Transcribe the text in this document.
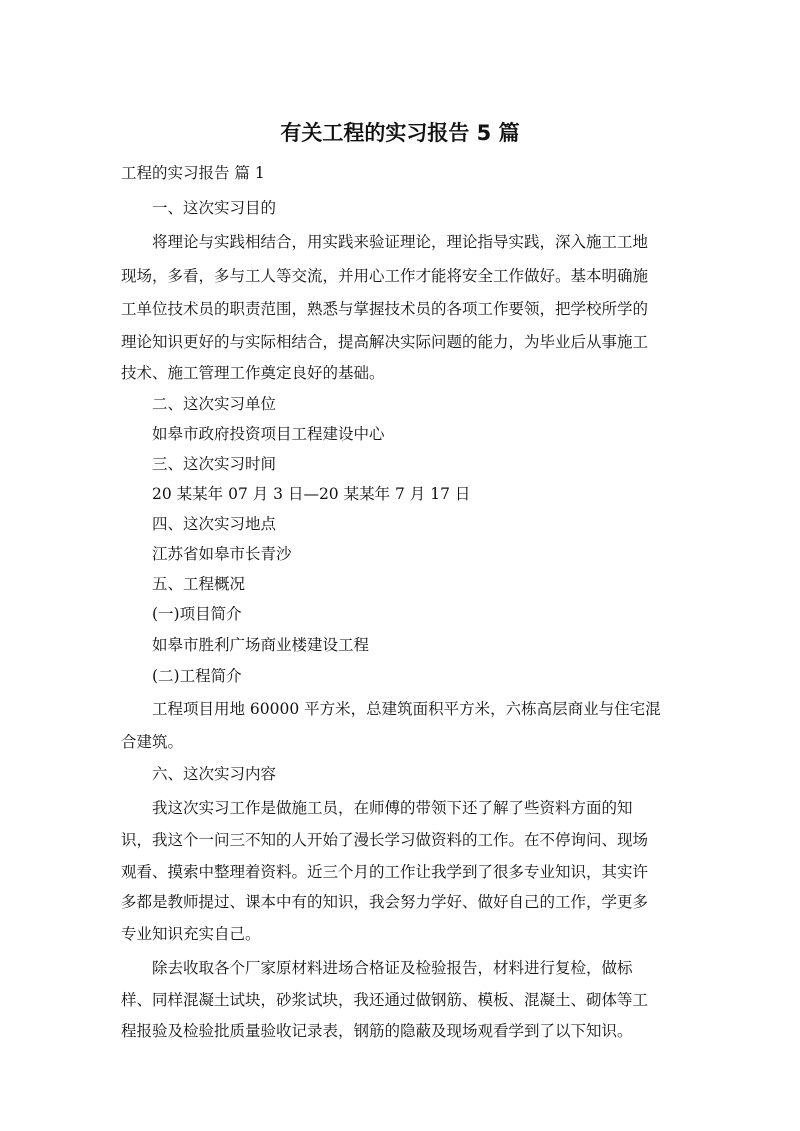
有关工程的实习报告 5 篇

工程的实习报告 篇 1

一、这次实习目的

将理论与实践相结合，用实践来验证理论，理论指导实践，深入施工工地

现场，多看，多与工人等交流，并用心工作才能将安全工作做好。基本明确施

工单位技术员的职责范围，熟悉与掌握技术员的各项工作要领，把学校所学的

理论知识更好的与实际相结合，提高解决实际问题的能力，为毕业后从事施工

技术、施工管理工作奠定良好的基础。

二、这次实习单位

如皋市政府投资项目工程建设中心

三、这次实习时间

20 某某年 07 月 3 日—20 某某年 7 月 17 日

四、这次实习地点

江苏省如皋市长青沙

五、工程概况

(一)项目简介

如皋市胜利广场商业楼建设工程

(二)工程简介

工程项目用地 60000 平方米，总建筑面积平方米，六栋高层商业与住宅混

合建筑。

六、这次实习内容

我这次实习工作是做施工员，在师傅的带领下还了解了些资料方面的知

识，我这个一问三不知的人开始了漫长学习做资料的工作。在不停询问、现场

观看、摸索中整理着资料。近三个月的工作让我学到了很多专业知识，其实许

多都是教师提过、课本中有的知识，我会努力学好、做好自己的工作，学更多

专业知识充实自己。

除去收取各个厂家原材料进场合格证及检验报告，材料进行复检，做标

样、同样混凝土试块，砂浆试块，我还通过做钢筋、模板、混凝土、砌体等工

程报验及检验批质量验收记录表，钢筋的隐蔽及现场观看学到了以下知识。
